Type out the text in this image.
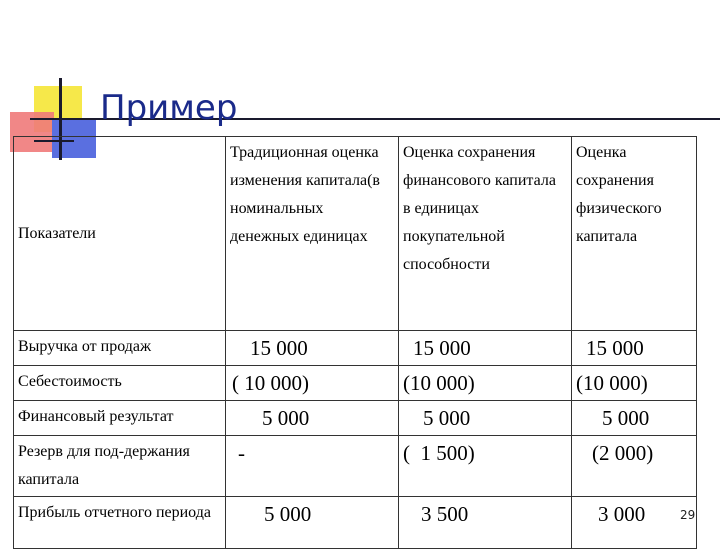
Пример
Показатели	Традиционная оценка изменения капитала(в номинальных денежных единицах	Оценка сохранения финансового капитала в единицах покупательной способности	Оценка сохранения физического капитала
Выручка от продаж	15 000	15 000	15 000
Себестоимость	( 10 000)	(10 000)	(10 000)
Финансовый результат	5 000	5 000	5 000
Резерв для под-держания капитала	-	(  1 500)	(2 000)
Прибыль отчетного периода	5 000	3 500	3 000	29
